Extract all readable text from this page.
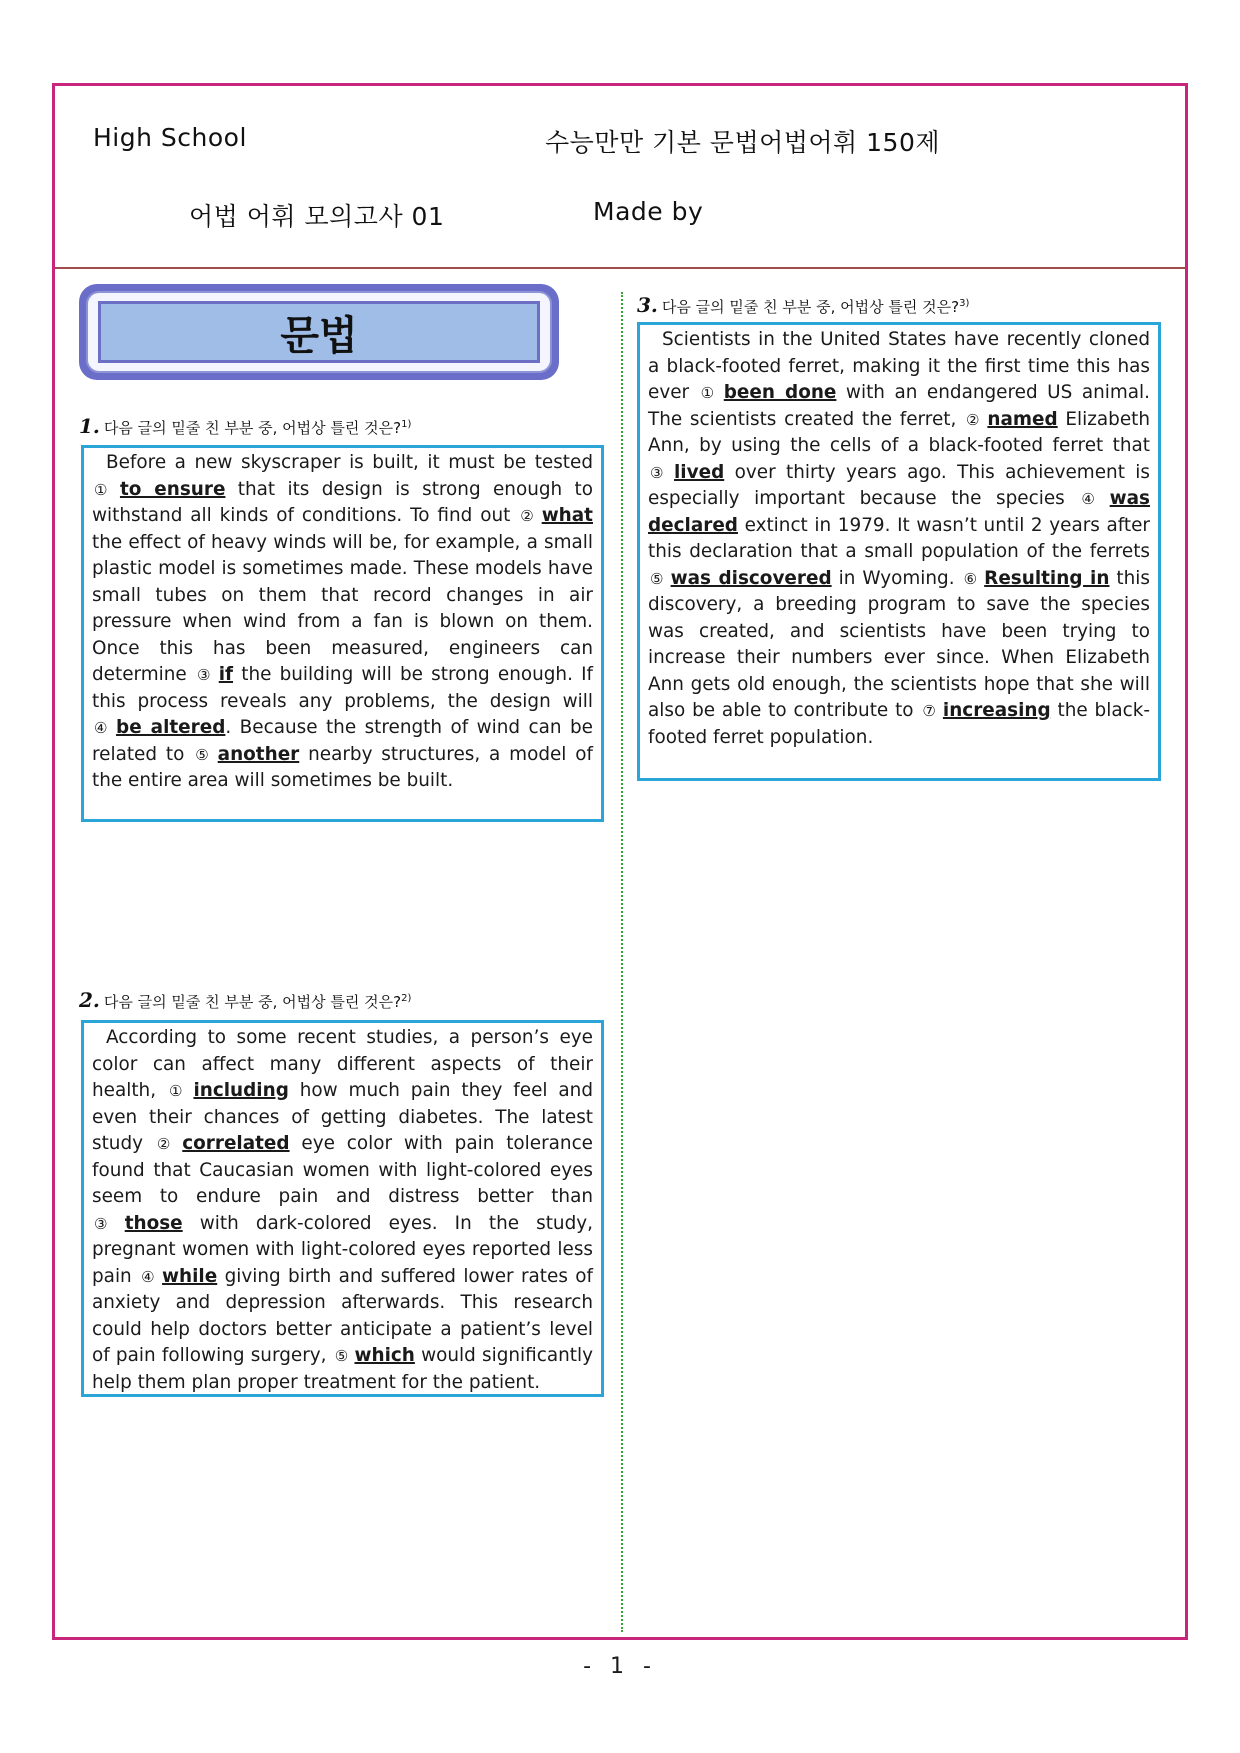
High School	수능만만 기본 문법어법어휘 150제
어법 어휘 모의고사 01	Made by
문법
1. 다음 글의 밑줄 친 부분 중, 어법상 틀린 것은?$^{1)}$

Before a new skyscraper is built, it must be tested ① to ensure that its design is strong enough to withstand all kinds of conditions. To find out ② what the effect of heavy winds will be, for example, a small plastic model is sometimes made. These models have small tubes on them that record changes in air pressure when wind from a fan is blown on them. Once this has been measured, engineers can determine ③ if the building will be strong enough. If this process reveals any problems, the design will ④ be altered. Because the strength of wind can be related to ⑤ another nearby structures, a model of the entire area will sometimes be built.

2. 다음 글의 밑줄 친 부분 중, 어법상 틀린 것은?$^{2)}$

According to some recent studies, a person’s eye color can affect many different aspects of their health, ① including how much pain they feel and even their chances of getting diabetes. The latest study ② correlated eye color with pain tolerance found that Caucasian women with light-colored eyes seem to endure pain and distress better than ③ those with dark-colored eyes. In the study, pregnant women with light-colored eyes reported less pain ④ while giving birth and suffered lower rates of anxiety and depression afterwards. This research could help doctors better anticipate a patient’s level of pain following surgery, ⑤ which would significantly help them plan proper treatment for the patient.

3. 다음 글의 밑줄 친 부분 중, 어법상 틀린 것은?$^{3)}$

Scientists in the United States have recently cloned a black-footed ferret, making it the first time this has ever ① been done with an endangered US animal. The scientists created the ferret, ② named Elizabeth Ann, by using the cells of a black-footed ferret that ③ lived over thirty years ago. This achievement is especially important because the species ④ was declared extinct in 1979. It wasn’t until 2 years after this declaration that a small population of the ferrets ⑤ was discovered in Wyoming. ⑥ Resulting in this discovery, a breeding program to save the species was created, and scientists have been trying to increase their numbers ever since. When Elizabeth Ann gets old enough, the scientists hope that she will also be able to contribute to ⑦ increasing the black-footed ferret population.

- 1 -
